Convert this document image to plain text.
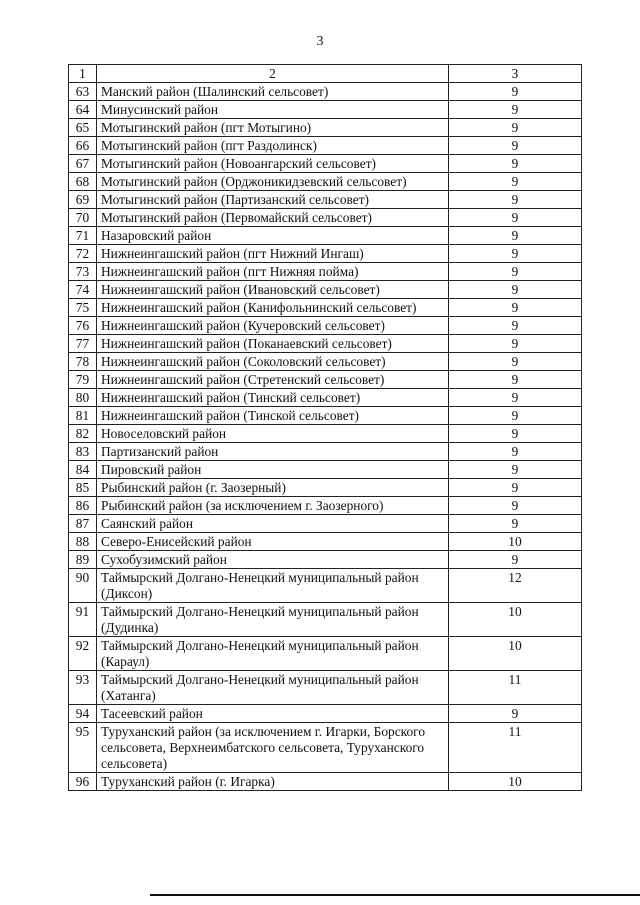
3
1	2	3
63	Манский район (Шалинский сельсовет)	9
64	Минусинский район	9
65	Мотыгинский район (пгт Мотыгино)	9
66	Мотыгинский район (пгт Раздолинск)	9
67	Мотыгинский район (Новоангарский сельсовет)	9
68	Мотыгинский район (Орджоникидзевский сельсовет)	9
69	Мотыгинский район (Партизанский сельсовет)	9
70	Мотыгинский район (Первомайский сельсовет)	9
71	Назаровский район	9
72	Нижнеингашский район (пгт Нижний Ингаш)	9
73	Нижнеингашский район (пгт Нижняя пойма)	9
74	Нижнеингашский район (Ивановский сельсовет)	9
75	Нижнеингашский район (Канифольнинский сельсовет)	9
76	Нижнеингашский район (Кучеровский сельсовет)	9
77	Нижнеингашский район (Поканаевский сельсовет)	9
78	Нижнеингашский район (Соколовский сельсовет)	9
79	Нижнеингашский район (Стретенский сельсовет)	9
80	Нижнеингашский район (Тинский сельсовет)	9
81	Нижнеингашский район (Тинской сельсовет)	9
82	Новоселовский район	9
83	Партизанский район	9
84	Пировский район	9
85	Рыбинский район (г. Заозерный)	9
86	Рыбинский район (за исключением г. Заозерного)	9
87	Саянский район	9
88	Северо-Енисейский район	10
89	Сухобузимский район	9
90	Таймырский Долгано-Ненецкий муниципальный район (Диксон)	12
91	Таймырский Долгано-Ненецкий муниципальный район (Дудинка)	10
92	Таймырский Долгано-Ненецкий муниципальный район (Караул)	10
93	Таймырский Долгано-Ненецкий муниципальный район (Хатанга)	11
94	Тасеевский район	9
95	Туруханский район (за исключением г. Игарки, Борского сельсовета, Верхнеимбатского сельсовета, Туруханского сельсовета)	11
96	Туруханский район (г. Игарка)	10
